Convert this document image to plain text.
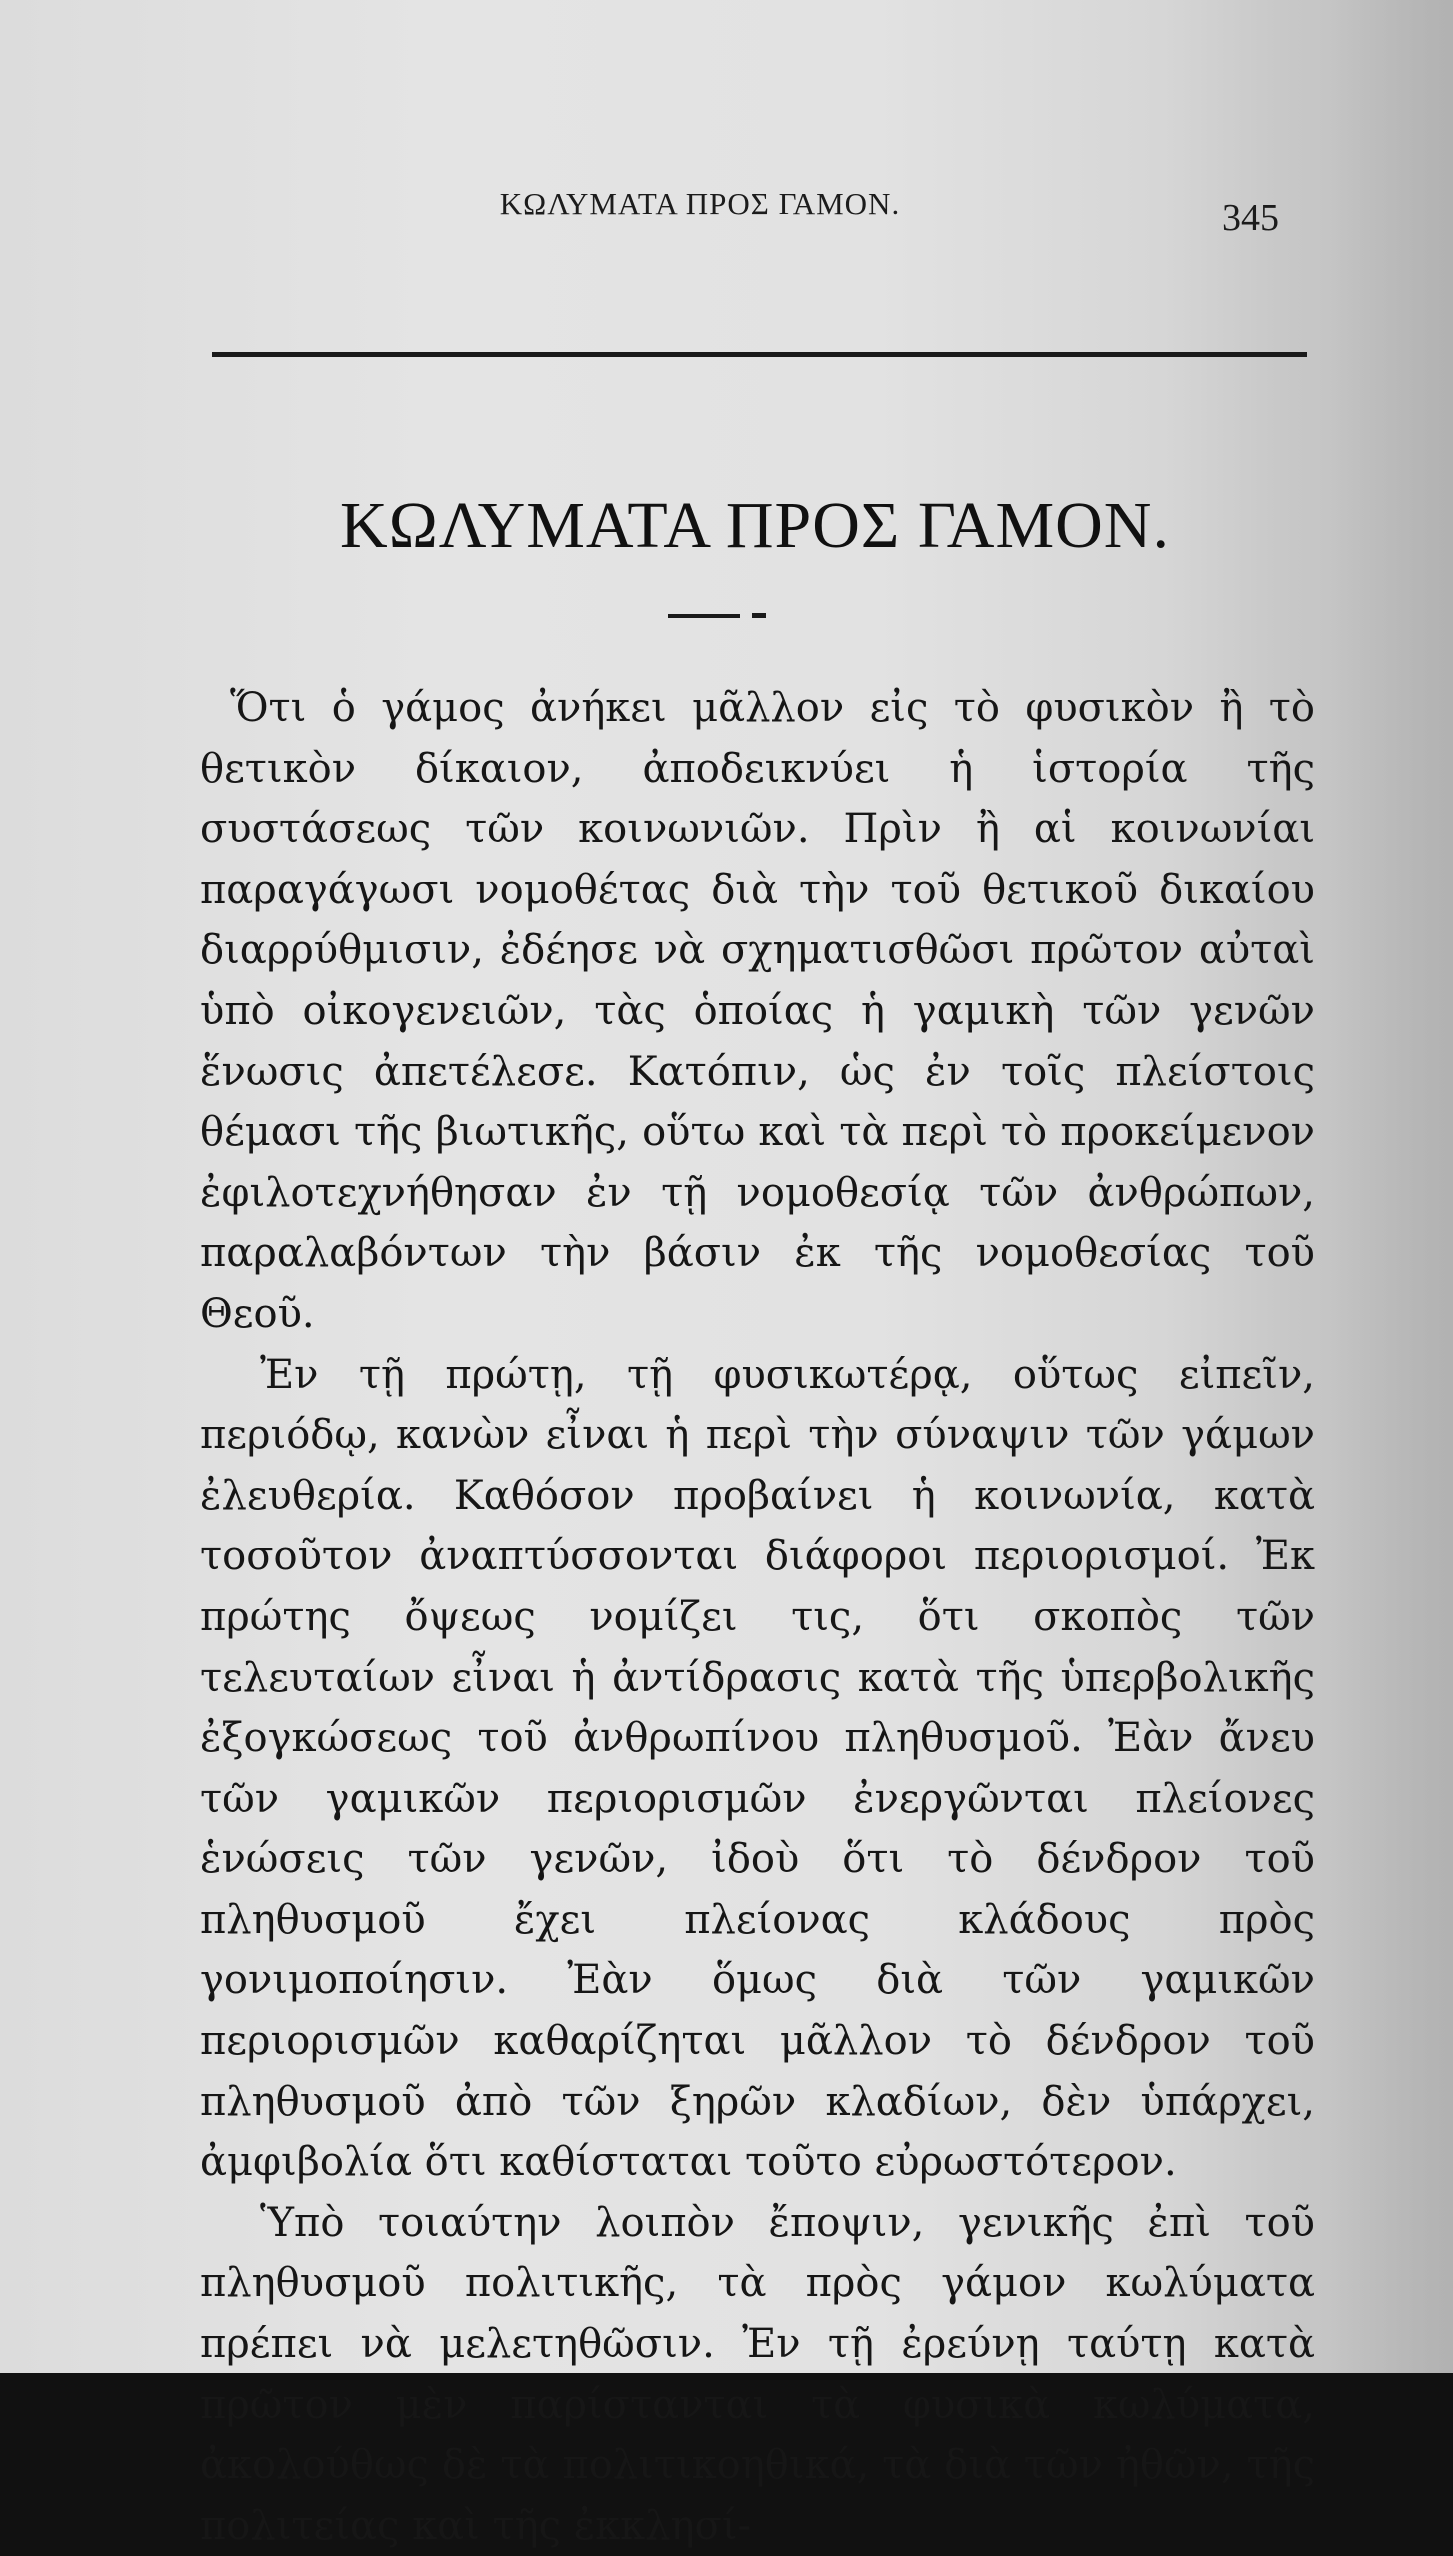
ΚΩΛΥΜΑΤΑ ΠΡΟΣ ΓΑΜΟΝ.	345
ΚΩΛΥΜΑΤΑ ΠΡΟΣ ΓΑΜΟΝ.

Ὅτι ὁ γάμος ἀνήκει μᾶλλον εἰς τὸ φυσικὸν ἢ τὸ θετικὸν δίκαιον, ἀποδεικνύει ἡ ἱστορία τῆς συστάσεως τῶν κοινωνιῶν. Πρὶν ἢ αἱ κοινωνίαι παραγάγωσι νομοθέτας διὰ τὴν τοῦ θετικοῦ δικαίου διαρρύθμισιν, ἐδέησε νὰ σχηματισθῶσι πρῶτον αὐταὶ ὑπὸ οἰκογενειῶν, τὰς ὁποίας ἡ γαμικὴ τῶν γενῶν ἕνωσις ἀπετέλεσε. Κατόπιν, ὡς ἐν τοῖς πλείστοις θέμασι τῆς βιωτικῆς, οὕτω καὶ τὰ περὶ τὸ προκείμενον ἐφιλοτεχνήθησαν ἐν τῇ νομοθεσίᾳ τῶν ἀνθρώπων, παραλαβόντων τὴν βάσιν ἐκ τῆς νομοθεσίας τοῦ Θεοῦ.

Ἐν τῇ πρώτῃ, τῇ φυσικωτέρᾳ, οὕτως εἰπεῖν, περιόδῳ, κανὼν εἶναι ἡ περὶ τὴν σύναψιν τῶν γάμων ἐλευθερία. Καθόσον προβαίνει ἡ κοινωνία, κατὰ τοσοῦτον ἀναπτύσσονται διάφοροι περιορισμοί. Ἐκ πρώτης ὄψεως νομίζει τις, ὅτι σκοπὸς τῶν τελευταίων εἶναι ἡ ἀντίδρασις κατὰ τῆς ὑπερβολικῆς ἐξογκώσεως τοῦ ἀνθρωπίνου πληθυσμοῦ. Ἐὰν ἄνευ τῶν γαμικῶν περιορισμῶν ἐνεργῶνται πλείονες ἑνώσεις τῶν γενῶν, ἰδοὺ ὅτι τὸ δένδρον τοῦ πληθυσμοῦ ἔχει πλείονας κλάδους πρὸς γονιμοποίησιν. Ἐὰν ὅμως διὰ τῶν γαμικῶν περιορισμῶν καθαρίζηται μᾶλλον τὸ δένδρον τοῦ πληθυσμοῦ ἀπὸ τῶν ξηρῶν κλαδίων, δὲν ὑπάρχει, ἀμφιβολία ὅτι καθίσταται τοῦτο εὐρωστότερον.

Ὑπὸ τοιαύτην λοιπὸν ἔποψιν, γενικῆς ἐπὶ τοῦ πληθυσμοῦ πολιτικῆς, τὰ πρὸς γάμον κωλύματα πρέπει νὰ μελετηθῶσιν. Ἐν τῇ ἐρεύνῃ ταύτῃ κατὰ πρῶτον μὲν παρίστανται τὰ φυσικὰ κωλύματα, ἀκολούθως δὲ τὰ πολιτικοηθικά, τὰ διὰ τῶν ἠθῶν, τῆς πολιτείας καὶ τῆς ἐκκλησί-
